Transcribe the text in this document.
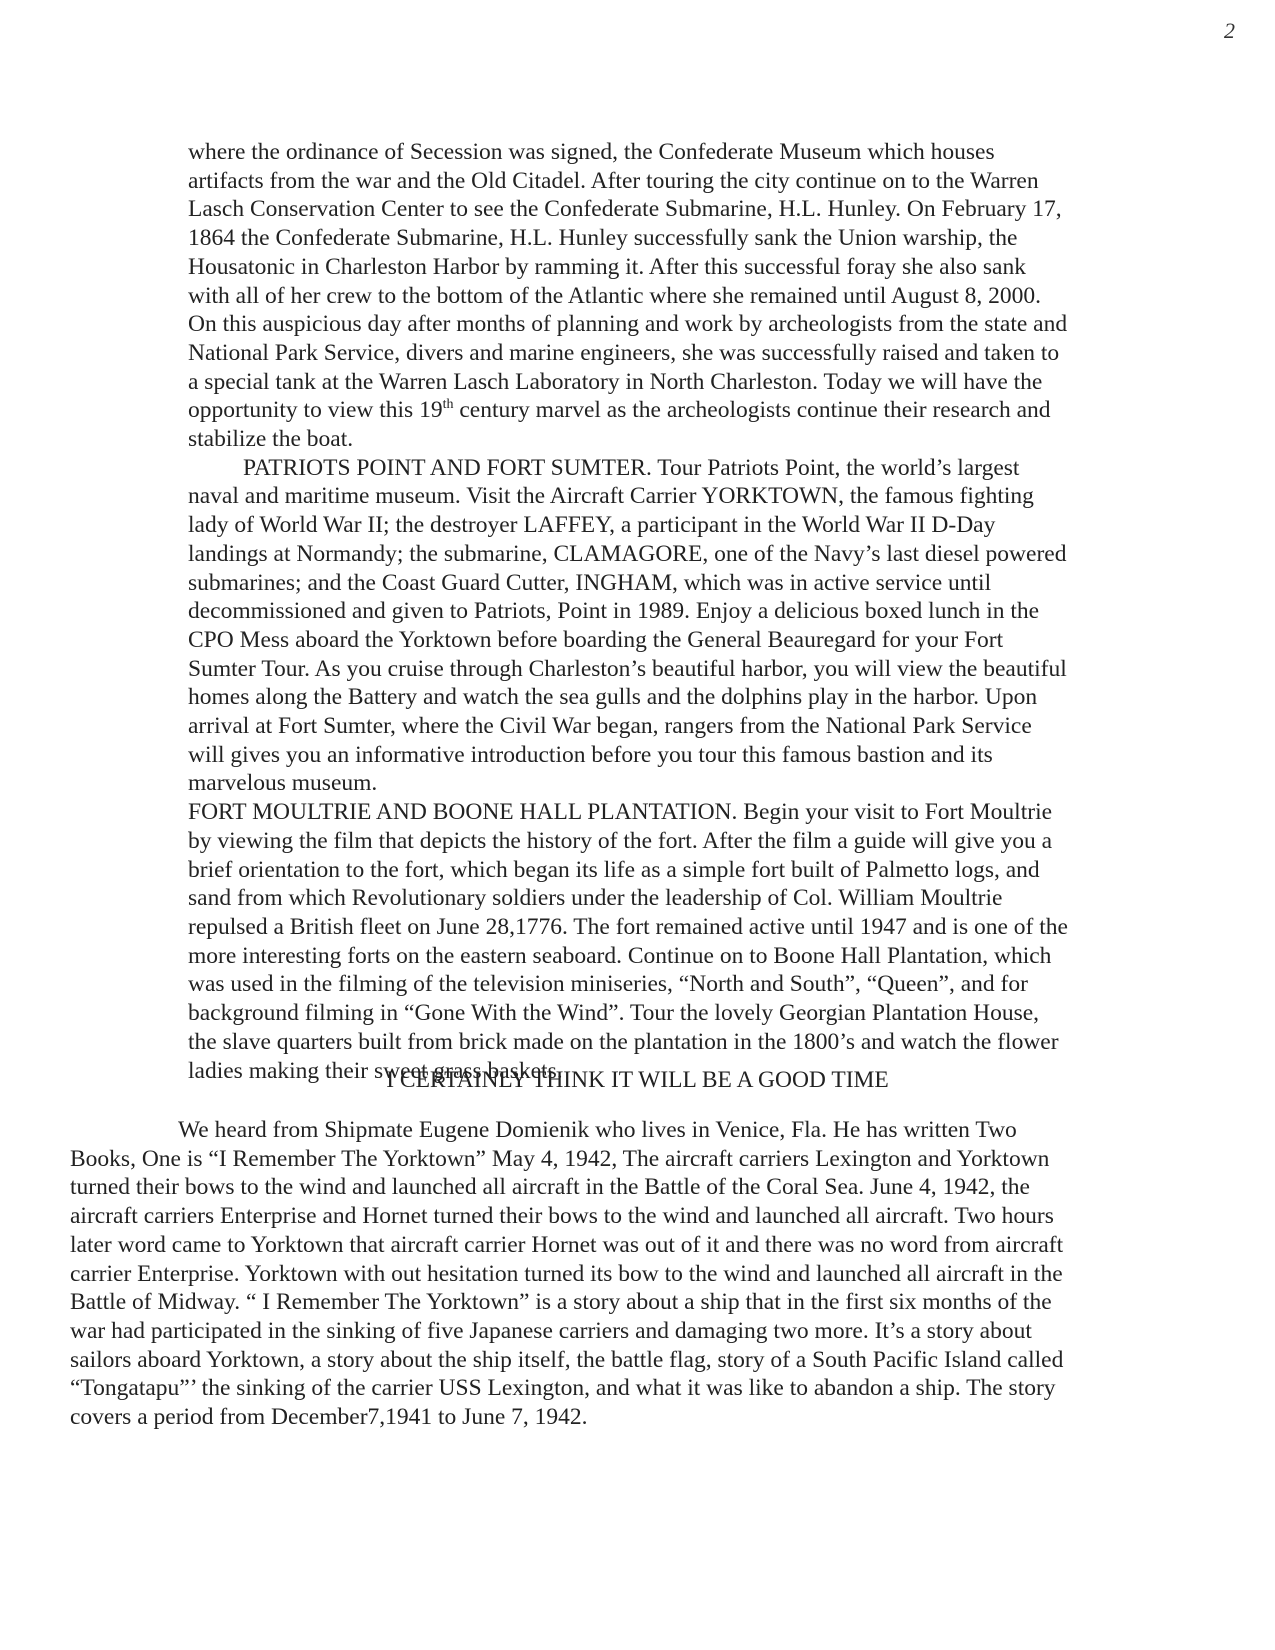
2

where the ordinance of Secession was signed, the Confederate Museum which houses artifacts from the war and the Old Citadel. After touring the city continue on to the Warren Lasch Conservation Center to see the Confederate Submarine, H.L. Hunley. On February 17, 1864 the Confederate Submarine, H.L. Hunley successfully sank the Union warship, the Housatonic in Charleston Harbor by ramming it. After this successful foray she also sank with all of her crew to the bottom of the Atlantic where she remained until August 8, 2000. On this auspicious day after months of planning and work by archeologists from the state and National Park Service, divers and marine engineers, she was successfully raised and taken to a special tank at the Warren Lasch Laboratory in North Charleston. Today we will have the opportunity to view this 19th century marvel as the archeologists continue their research and stabilize the boat.

PATRIOTS POINT AND FORT SUMTER. Tour Patriots Point, the world’s largest naval and maritime museum. Visit the Aircraft Carrier YORKTOWN, the famous fighting lady of World War II; the destroyer LAFFEY, a participant in the World War II D-Day landings at Normandy; the submarine, CLAMAGORE, one of the Navy’s last diesel powered submarines; and the Coast Guard Cutter, INGHAM, which was in active service until decommissioned and given to Patriots, Point in 1989. Enjoy a delicious boxed lunch in the CPO Mess aboard the Yorktown before boarding the General Beauregard for your Fort Sumter Tour. As you cruise through Charleston’s beautiful harbor, you will view the beautiful homes along the Battery and watch the sea gulls and the dolphins play in the harbor. Upon arrival at Fort Sumter, where the Civil War began, rangers from the National Park Service will gives you an informative introduction before you tour this famous bastion and its marvelous museum.

FORT MOULTRIE AND BOONE HALL PLANTATION. Begin your visit to Fort Moultrie by viewing the film that depicts the history of the fort. After the film a guide will give you a brief orientation to the fort, which began its life as a simple fort built of Palmetto logs, and sand from which Revolutionary soldiers under the leadership of Col. William Moultrie repulsed a British fleet on June 28,1776. The fort remained active until 1947 and is one of the more interesting forts on the eastern seaboard. Continue on to Boone Hall Plantation, which was used in the filming of the television miniseries, “North and South”, “Queen”, and for background filming in “Gone With the Wind”. Tour the lovely Georgian Plantation House, the slave quarters built from brick made on the plantation in the 1800’s and watch the flower ladies making their sweet grass baskets.

I CERTAINLY THINK IT WILL BE A GOOD TIME

We heard from Shipmate Eugene Domienik who lives in Venice, Fla. He has written Two Books, One is “I Remember The Yorktown” May 4, 1942, The aircraft carriers Lexington and Yorktown turned their bows to the wind and launched all aircraft in the Battle of the Coral Sea. June 4, 1942, the aircraft carriers Enterprise and Hornet turned their bows to the wind and launched all aircraft. Two hours later word came to Yorktown that aircraft carrier Hornet was out of it and there was no word from aircraft carrier Enterprise. Yorktown with out hesitation turned its bow to the wind and launched all aircraft in the Battle of Midway. “ I Remember The Yorktown” is a story about a ship that in the first six months of the war had participated in the sinking of five Japanese carriers and damaging two more. It’s a story about sailors aboard Yorktown, a story about the ship itself, the battle flag, story of a South Pacific Island called “Tongatapu”’ the sinking of the carrier USS Lexington, and what it was like to abandon a ship. The story covers a period from December7,1941 to June 7, 1942.
